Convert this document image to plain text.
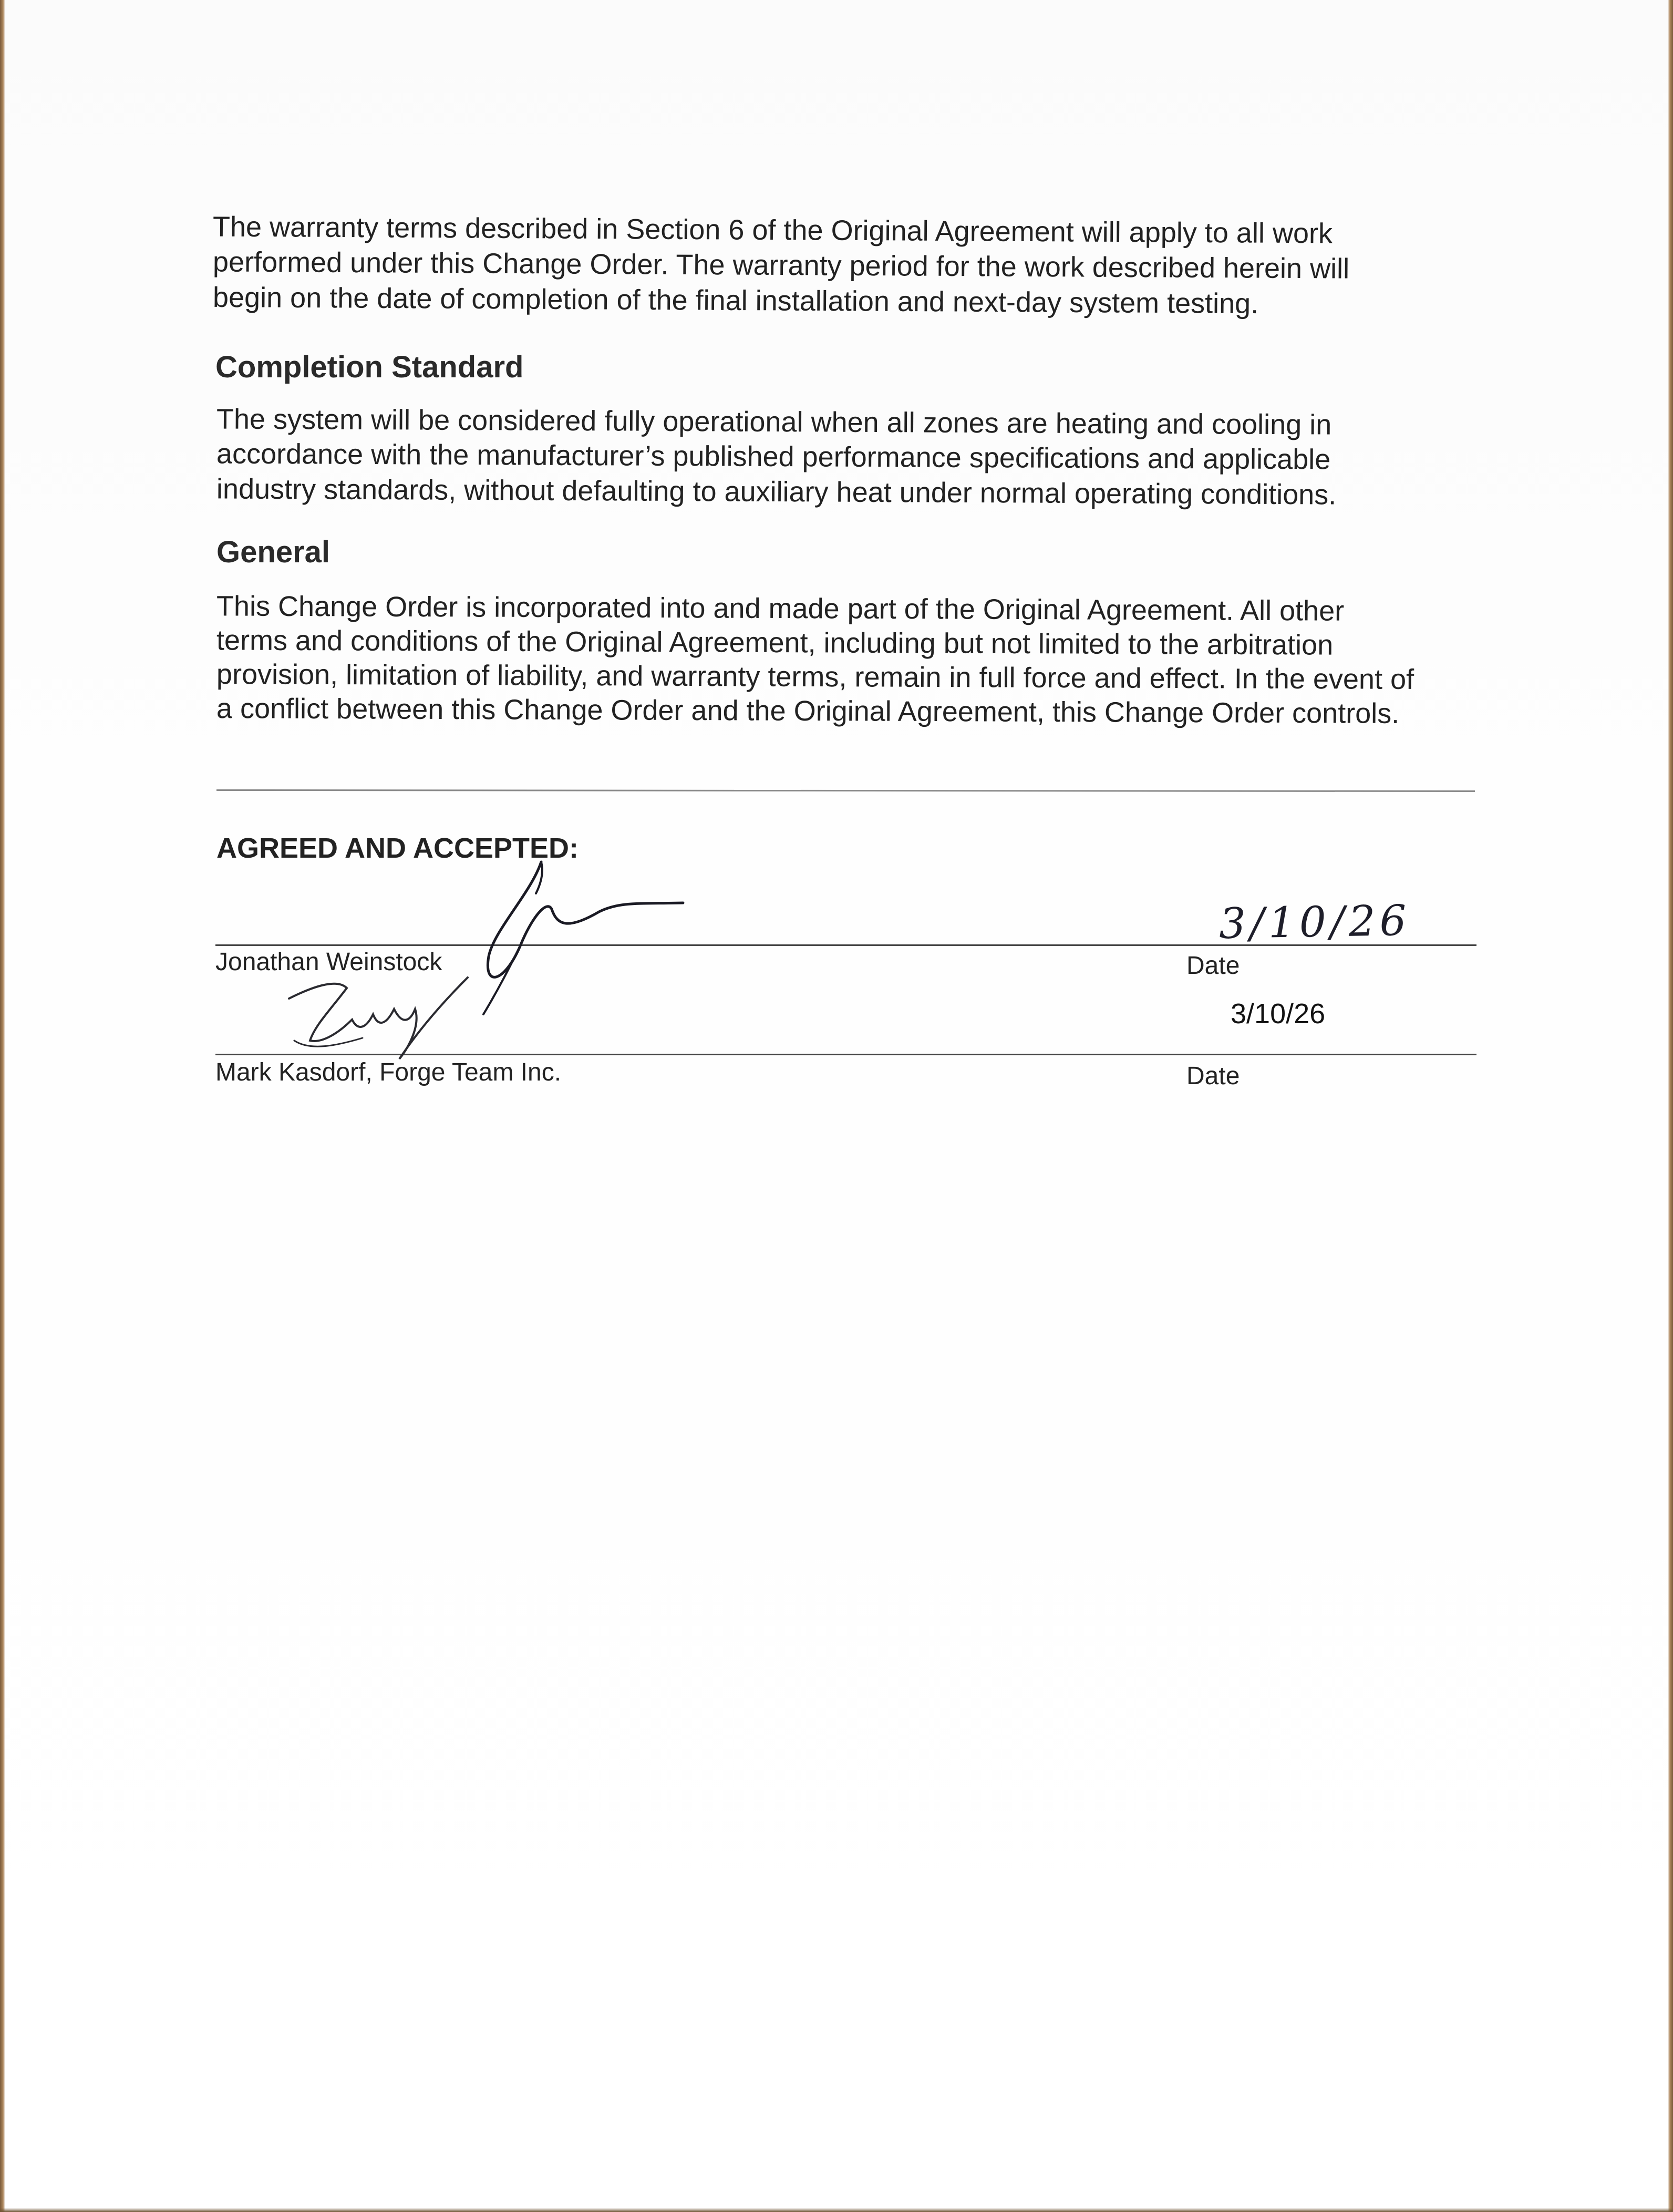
The warranty terms described in Section 6 of the Original Agreement will apply to all work
performed under this Change Order. The warranty period for the work described herein will
begin on the date of completion of the final installation and next-day system testing.
Completion Standard
The system will be considered fully operational when all zones are heating and cooling in
accordance with the manufacturer’s published performance specifications and applicable
industry standards, without defaulting to auxiliary heat under normal operating conditions.
General
This Change Order is incorporated into and made part of the Original Agreement. All other
terms and conditions of the Original Agreement, including but not limited to the arbitration
provision, limitation of liability, and warranty terms, remain in full force and effect. In the event of
a conflict between this Change Order and the Original Agreement, this Change Order controls.
AGREED AND ACCEPTED:
Jonathan Weinstock	Date
3/10/26
Mark Kasdorf, Forge Team Inc.	Date
3/10/26
